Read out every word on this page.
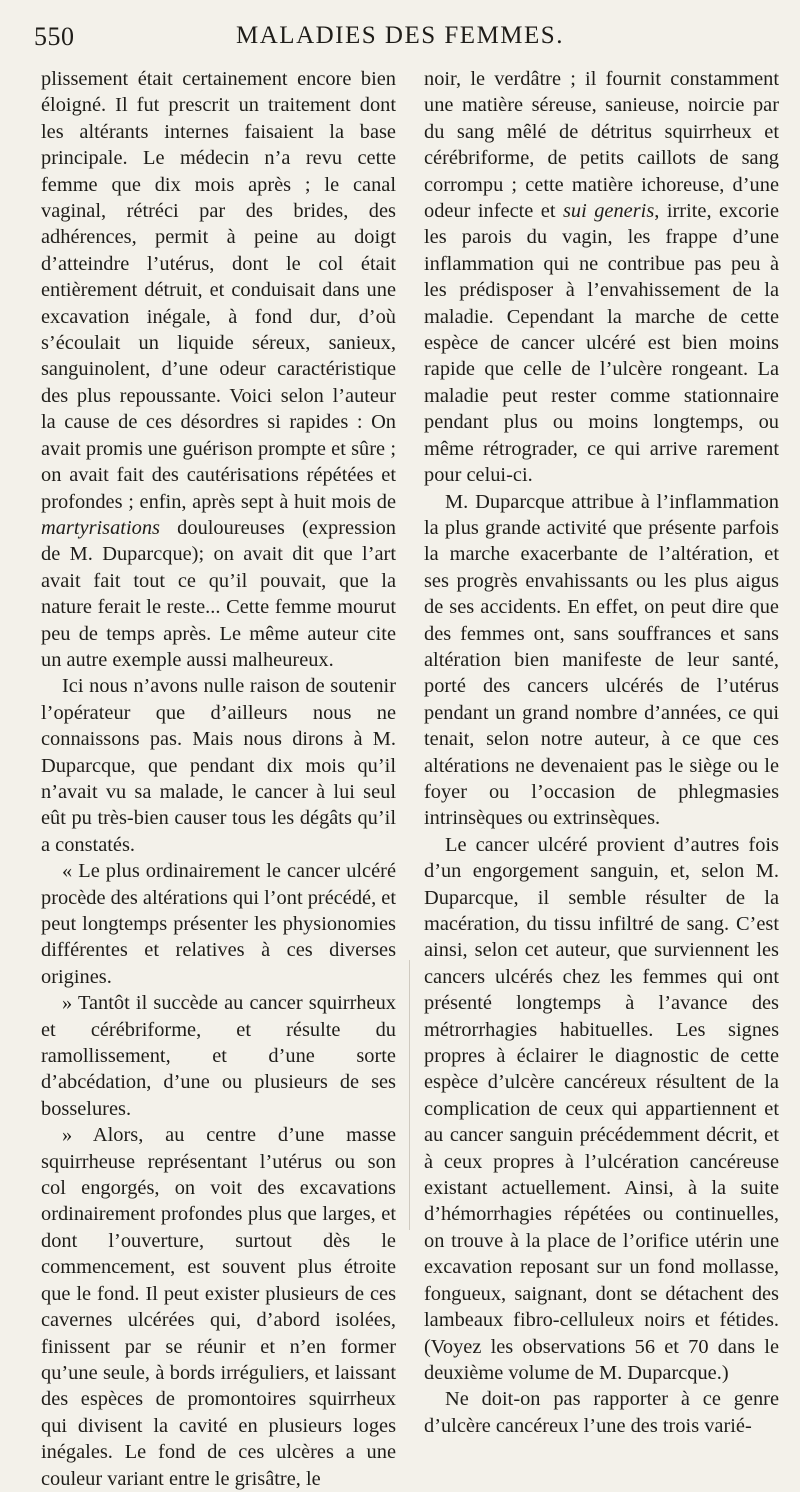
550	MALADIES DES FEMMES.

plissement était certainement encore bien éloigné. Il fut prescrit un traitement dont les altérants internes faisaient la base principale. Le médecin n’a revu cette femme que dix mois après ; le canal vaginal, rétréci par des brides, des adhérences, permit à peine au doigt d’atteindre l’utérus, dont le col était entièrement détruit, et conduisait dans une excavation inégale, à fond dur, d’où s’écoulait un liquide séreux, sanieux, sanguinolent, d’une odeur caractéristique des plus repoussante. Voici selon l’auteur la cause de ces désordres si rapides : On avait promis une guérison prompte et sûre ; on avait fait des cautérisations répétées et profondes ; enfin, après sept à huit mois de martyrisations douloureuses (expression de M. Duparcque); on avait dit que l’art avait fait tout ce qu’il pouvait, que la nature ferait le reste... Cette femme mourut peu de temps après. Le même auteur cite un autre exemple aussi malheureux.

Ici nous n’avons nulle raison de soutenir l’opérateur que d’ailleurs nous ne connaissons pas. Mais nous dirons à M. Duparcque, que pendant dix mois qu’il n’avait vu sa malade, le cancer à lui seul eût pu très-bien causer tous les dégâts qu’il a constatés.

« Le plus ordinairement le cancer ulcéré procède des altérations qui l’ont précédé, et peut longtemps présenter les physionomies différentes et relatives à ces diverses origines.

» Tantôt il succède au cancer squirrheux et cérébriforme, et résulte du ramollissement, et d’une sorte d’abcédation, d’une ou plusieurs de ses bosselures.

» Alors, au centre d’une masse squirrheuse représentant l’utérus ou son col engorgés, on voit des excavations ordinairement profondes plus que larges, et dont l’ouverture, surtout dès le commencement, est souvent plus étroite que le fond. Il peut exister plusieurs de ces cavernes ulcérées qui, d’abord isolées, finissent par se réunir et n’en former qu’une seule, à bords irréguliers, et laissant des espèces de promontoires squirrheux qui divisent la cavité en plusieurs loges inégales. Le fond de ces ulcères a une couleur variant entre le grisâtre, le

noir, le verdâtre ; il fournit constamment une matière séreuse, sanieuse, noircie par du sang mêlé de détritus squirrheux et cérébriforme, de petits caillots de sang corrompu ; cette matière ichoreuse, d’une odeur infecte et sui generis, irrite, excorie les parois du vagin, les frappe d’une inflammation qui ne contribue pas peu à les prédisposer à l’envahissement de la maladie. Cependant la marche de cette espèce de cancer ulcéré est bien moins rapide que celle de l’ulcère rongeant. La maladie peut rester comme stationnaire pendant plus ou moins longtemps, ou même rétrograder, ce qui arrive rarement pour celui-ci.

M. Duparcque attribue à l’inflammation la plus grande activité que présente parfois la marche exacerbante de l’altération, et ses progrès envahissants ou les plus aigus de ses accidents. En effet, on peut dire que des femmes ont, sans souffrances et sans altération bien manifeste de leur santé, porté des cancers ulcérés de l’utérus pendant un grand nombre d’années, ce qui tenait, selon notre auteur, à ce que ces altérations ne devenaient pas le siège ou le foyer ou l’occasion de phlegmasies intrinsèques ou extrinsèques.

Le cancer ulcéré provient d’autres fois d’un engorgement sanguin, et, selon M. Duparcque, il semble résulter de la macération, du tissu infiltré de sang. C’est ainsi, selon cet auteur, que surviennent les cancers ulcérés chez les femmes qui ont présenté longtemps à l’avance des métrorrhagies habituelles. Les signes propres à éclairer le diagnostic de cette espèce d’ulcère cancéreux résultent de la complication de ceux qui appartiennent et au cancer sanguin précédemment décrit, et à ceux propres à l’ulcération cancéreuse existant actuellement. Ainsi, à la suite d’hémorrhagies répétées ou continuelles, on trouve à la place de l’orifice utérin une excavation reposant sur un fond mollasse, fongueux, saignant, dont se détachent des lambeaux fibro-celluleux noirs et fétides. (Voyez les observations 56 et 70 dans le deuxième volume de M. Duparcque.)

Ne doit-on pas rapporter à ce genre d’ulcère cancéreux l’une des trois varié-
